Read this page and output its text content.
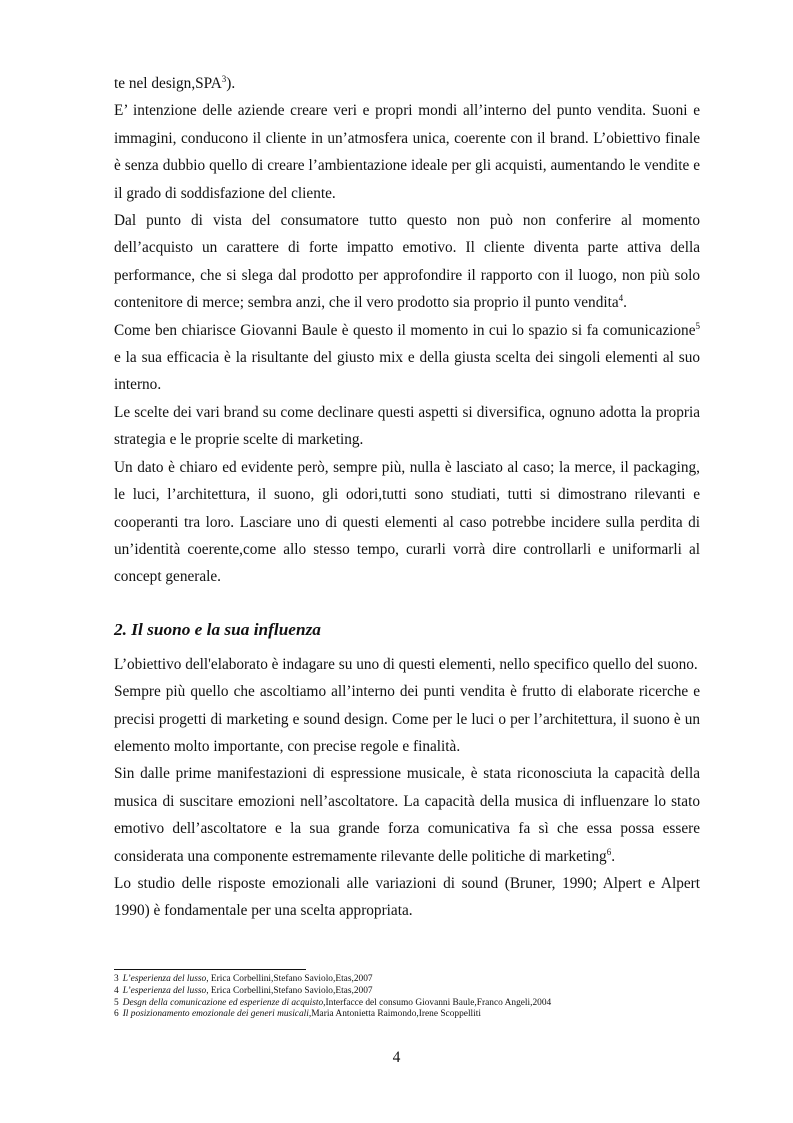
te nel design,SPA$^3$).

E’ intenzione delle aziende creare veri e propri mondi all’interno del punto vendita. Suoni e immagini, conducono il cliente in un’atmosfera unica, coerente con il brand. L’obiettivo finale è senza dubbio quello di creare l’ambientazione ideale per gli acquisti, aumentando le vendite e il grado di soddisfazione del cliente.

Dal punto di vista del consumatore tutto questo non può non conferire al momento dell’acquisto un carattere di forte impatto emotivo. Il cliente diventa parte attiva della performance, che si slega dal prodotto per approfondire il rapporto con il luogo, non più solo contenitore di merce; sembra anzi, che il vero prodotto sia proprio il punto vendita$^4$.

Come ben chiarisce Giovanni Baule è questo il momento in cui lo spazio si fa comunicazione$^5$ e la sua efficacia è la risultante del giusto mix e della giusta scelta dei singoli elementi al suo interno.

Le scelte dei vari brand su come declinare questi aspetti si diversifica, ognuno adotta la propria strategia e le proprie scelte di marketing.

Un dato è chiaro ed evidente però, sempre più, nulla è lasciato al caso; la merce, il packaging, le luci, l’architettura, il suono, gli odori,tutti sono studiati, tutti si dimostrano rilevanti e cooperanti tra loro. Lasciare uno di questi elementi al caso potrebbe incidere sulla perdita di un’identità coerente,come allo stesso tempo, curarli vorrà dire controllarli e uniformarli al concept generale.

2. Il suono e la sua influenza

L’obiettivo dell'elaborato è indagare su uno di questi elementi, nello specifico quello del suono.

Sempre più quello che ascoltiamo all’interno dei punti vendita è frutto di elaborate ricerche e precisi progetti di marketing e sound design. Come per le luci o per l’architettura, il suono è un elemento molto importante, con precise regole e finalità.

Sin dalle prime manifestazioni di espressione musicale, è stata riconosciuta la capacità della musica di suscitare emozioni nell’ascoltatore. La capacità della musica di influenzare lo stato emotivo dell’ascoltatore e la sua grande forza comunicativa fa sì che essa possa essere considerata una componente estremamente rilevante delle politiche di marketing$^6$.

Lo studio delle risposte emozionali alle variazioni di sound (Bruner, 1990; Alpert e Alpert 1990) è fondamentale per una scelta appropriata.

3 L’esperienza del lusso, Erica Corbellini,Stefano Saviolo,Etas,2007
4 L’esperienza del lusso, Erica Corbellini,Stefano Saviolo,Etas,2007
5 Desgn della comunicazione ed esperienze di acquisto,Interfacce del consumo Giovanni Baule,Franco Angeli,2004
6 Il posizionamento emozionale dei generi musicali,Maria Antonietta Raimondo,Irene Scoppelliti
4
